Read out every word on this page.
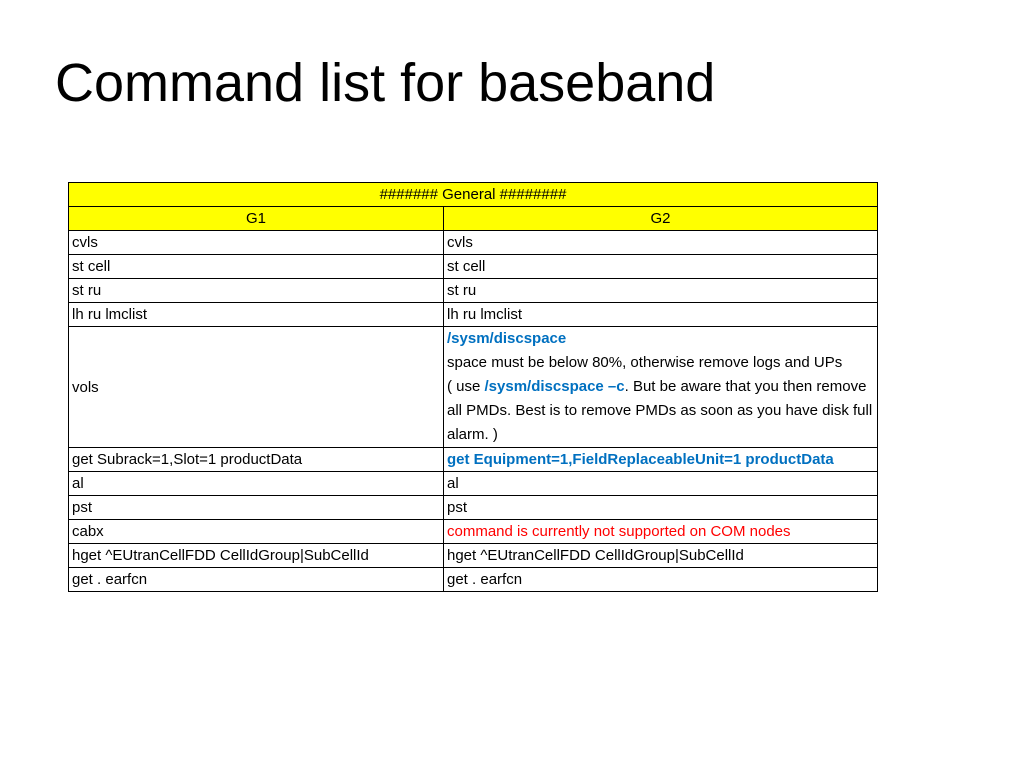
Command list for baseband
####### General ########	
G1	G2
cvls	cvls
st cell	st cell
st ru	st ru
lh ru lmclist	lh ru lmclist
vols	/sysm/discspace
space must be below 80%, otherwise remove logs and UPs
( use /sysm/discspace –c. But be aware that you then remove all PMDs. Best is to remove PMDs as soon as you have disk full alarm. )
get Subrack=1,Slot=1 productData	get Equipment=1,FieldReplaceableUnit=1 productData
al	al
pst	pst
cabx	command is currently not supported on COM nodes
hget ^EUtranCellFDD CellIdGroup|SubCellId	hget ^EUtranCellFDD CellIdGroup|SubCellId
get . earfcn	get . earfcn
